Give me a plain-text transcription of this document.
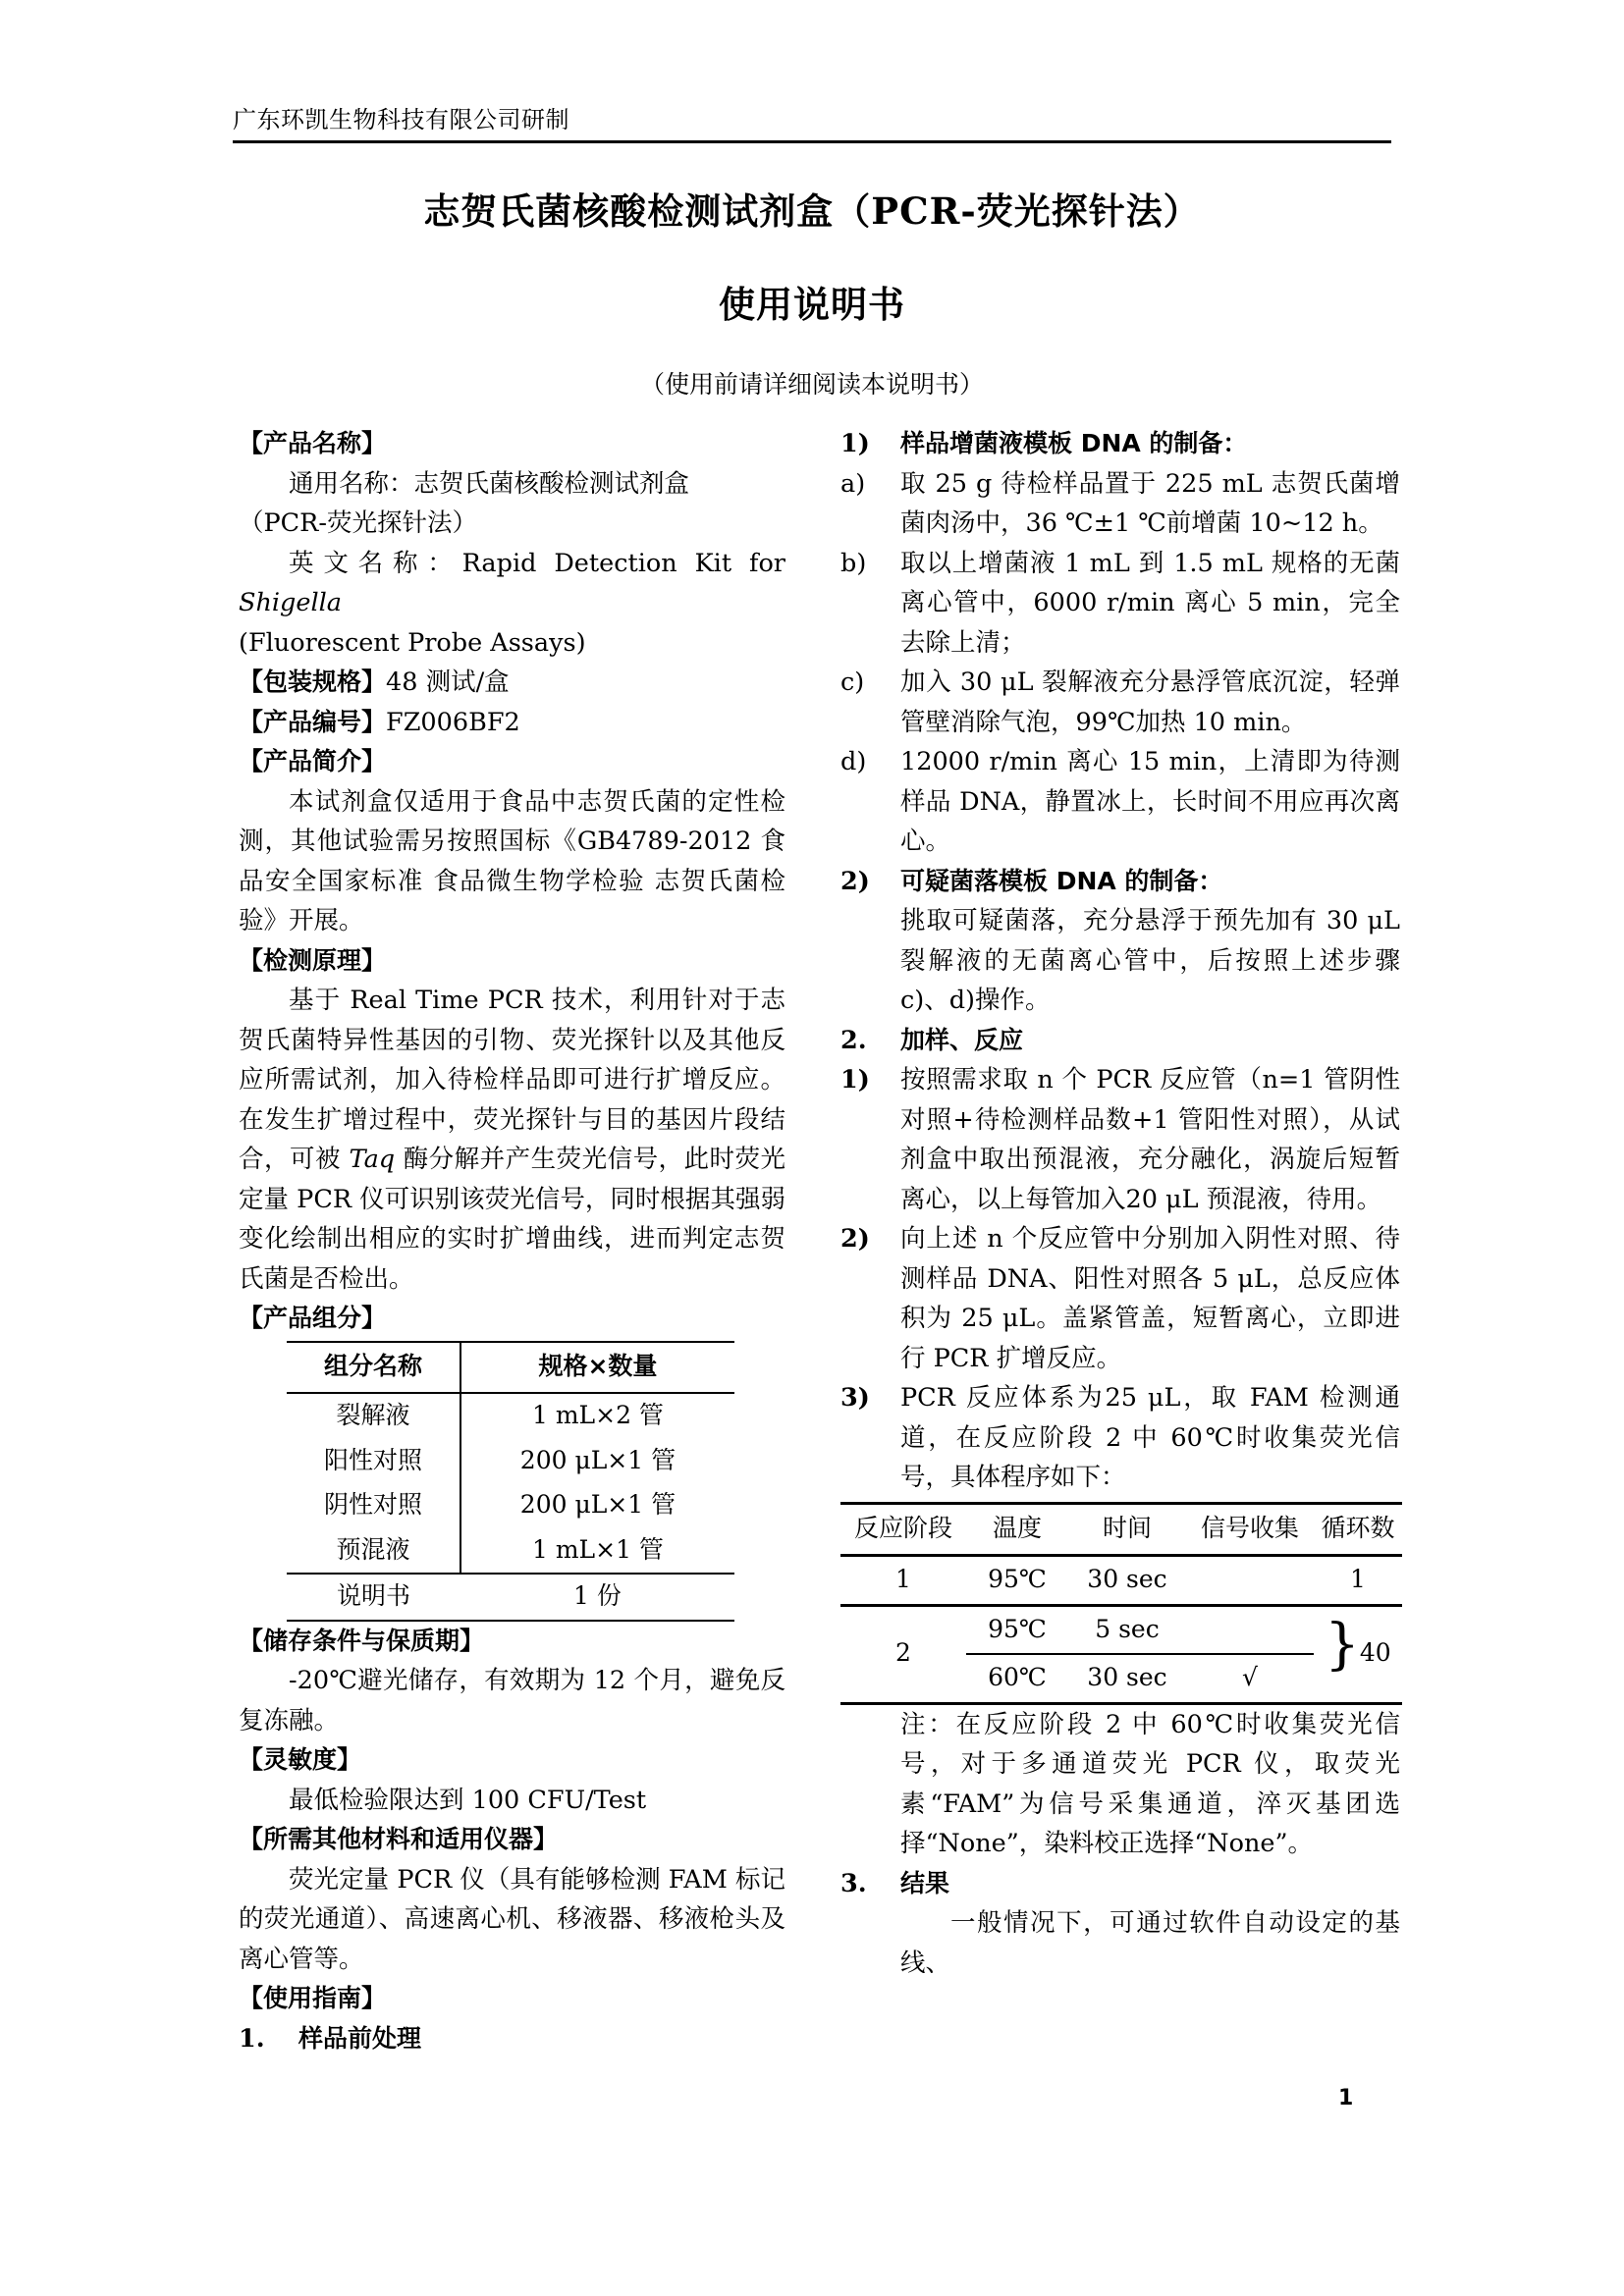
广东环凯生物科技有限公司研制
志贺氏菌核酸检测试剂盒（PCR-荧光探针法）
使用说明书
（使用前请详细阅读本说明书）
【产品名称】
通用名称：志贺氏菌核酸检测试剂盒
（PCR-荧光探针法）
英文名称：Rapid Detection Kit for Shigella
(Fluorescent Probe Assays)
【包装规格】48 测试/盒
【产品编号】FZ006BF2
【产品简介】
本试剂盒仅适用于食品中志贺氏菌的定性检测，其他试验需另按照国标《GB4789-2012 食品安全国家标准 食品微生物学检验 志贺氏菌检验》开展。
【检测原理】
基于 Real Time PCR 技术，利用针对于志贺氏菌特异性基因的引物、荧光探针以及其他反应所需试剂，加入待检样品即可进行扩增反应。在发生扩增过程中，荧光探针与目的基因片段结合，可被 Taq 酶分解并产生荧光信号，此时荧光定量 PCR 仪可识别该荧光信号，同时根据其强弱变化绘制出相应的实时扩增曲线，进而判定志贺氏菌是否检出。
【产品组分】
组分名称	规格×数量
裂解液	1 mL×2 管
阳性对照	200 μL×1 管
阴性对照	200 μL×1 管
预混液	1 mL×1 管
说明书	1 份
【储存条件与保质期】
-20℃避光储存，有效期为 12 个月，避免反复冻融。
【灵敏度】
最低检验限达到 100 CFU/Test
【所需其他材料和适用仪器】
荧光定量 PCR 仪（具有能够检测 FAM 标记的荧光通道）、高速离心机、移液器、移液枪头及离心管等。
【使用指南】
1.	样品前处理
1)	样品增菌液模板 DNA 的制备：
a)	取 25 g 待检样品置于 225 mL 志贺氏菌增菌肉汤中，36 ℃±1 ℃前增菌 10~12 h。
b)	取以上增菌液 1 mL 到 1.5 mL 规格的无菌离心管中，6000 r/min 离心 5 min，完全去除上清；
c)	加入 30 μL 裂解液充分悬浮管底沉淀，轻弹管壁消除气泡，99℃加热 10 min。
d)	12000 r/min 离心 15 min，上清即为待测样品 DNA，静置冰上，长时间不用应再次离心。
2)	可疑菌落模板 DNA 的制备：
挑取可疑菌落，充分悬浮于预先加有 30 μL 裂解液的无菌离心管中，后按照上述步骤 c)、d)操作。
2.	加样、反应
1)	按照需求取 n 个 PCR 反应管（n=1 管阴性对照+待检测样品数+1 管阳性对照），从试剂盒中取出预混液，充分融化，涡旋后短暂离心，以上每管加入20 μL 预混液，待用。
2)	向上述 n 个反应管中分别加入阴性对照、待测样品 DNA、阳性对照各 5 μL，总反应体积为 25 μL。盖紧管盖，短暂离心，立即进行 PCR 扩增反应。
3)	PCR 反应体系为25 μL，取 FAM 检测通道，在反应阶段 2 中 60℃时收集荧光信号，具体程序如下：
反应阶段	温度	时间	信号收集	循环数
1	95℃	30 sec		1
2	95℃	5 sec		}40
	60℃	30 sec	√	
注：在反应阶段 2 中 60℃时收集荧光信号，对于多通道荧光 PCR 仪，取荧光素“FAM”为信号采集通道，淬灭基团选择“None”，染料校正选择“None”。
3.	结果
一般情况下，可通过软件自动设定的基线、
1
